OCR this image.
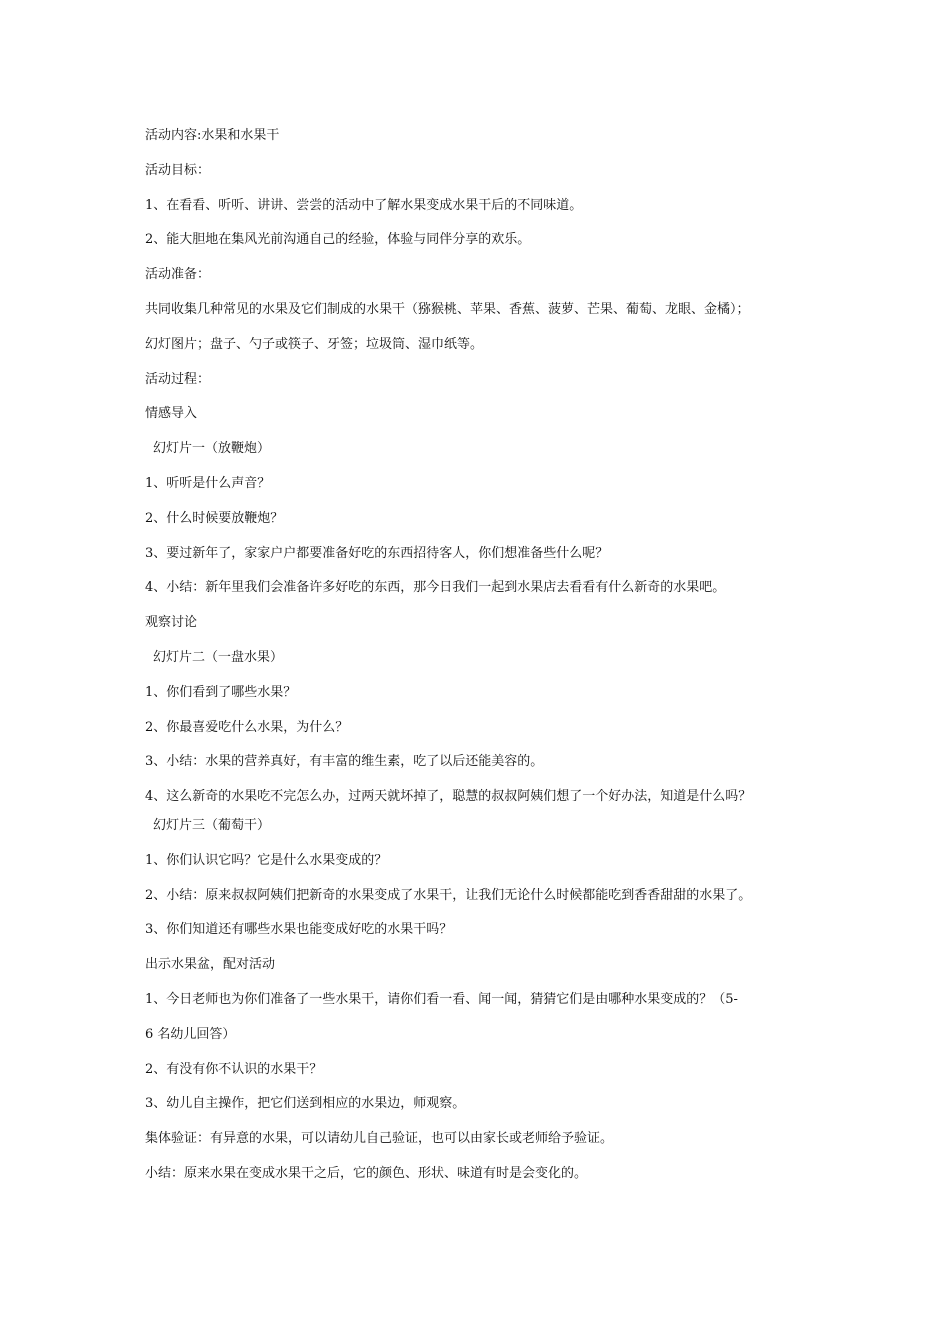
活动内容:水果和水果干
活动目标：
1、在看看、听听、讲讲、尝尝的活动中了解水果变成水果干后的不同味道。
2、能大胆地在集风光前沟通自己的经验，体验与同伴分享的欢乐。
活动准备：
共同收集几种常见的水果及它们制成的水果干（猕猴桃、苹果、香蕉、菠萝、芒果、葡萄、龙眼、金橘）；
幻灯图片；盘子、勺子或筷子、牙签；垃圾筒、湿巾纸等。
活动过程：
情感导入
幻灯片一（放鞭炮）
1、听听是什么声音？
2、什么时候要放鞭炮？
3、要过新年了，家家户户都要准备好吃的东西招待客人，你们想准备些什么呢？
4、小结：新年里我们会准备许多好吃的东西，那今日我们一起到水果店去看看有什么新奇的水果吧。
观察讨论
幻灯片二（一盘水果）
1、你们看到了哪些水果？
2、你最喜爱吃什么水果，为什么？
3、小结：水果的营养真好，有丰富的维生素，吃了以后还能美容的。
4、这么新奇的水果吃不完怎么办，过两天就坏掉了，聪慧的叔叔阿姨们想了一个好办法，知道是什么吗？
幻灯片三（葡萄干）
1、你们认识它吗？它是什么水果变成的？
2、小结：原来叔叔阿姨们把新奇的水果变成了水果干，让我们无论什么时候都能吃到香香甜甜的水果了。
3、你们知道还有哪些水果也能变成好吃的水果干吗？
出示水果盆，配对活动
1、今日老师也为你们准备了一些水果干，请你们看一看、闻一闻，猜猜它们是由哪种水果变成的？（5-
6 名幼儿回答）
2、有没有你不认识的水果干？
3、幼儿自主操作，把它们送到相应的水果边，师观察。
集体验证：有异意的水果，可以请幼儿自己验证，也可以由家长或老师给予验证。
小结：原来水果在变成水果干之后，它的颜色、形状、味道有时是会变化的。
